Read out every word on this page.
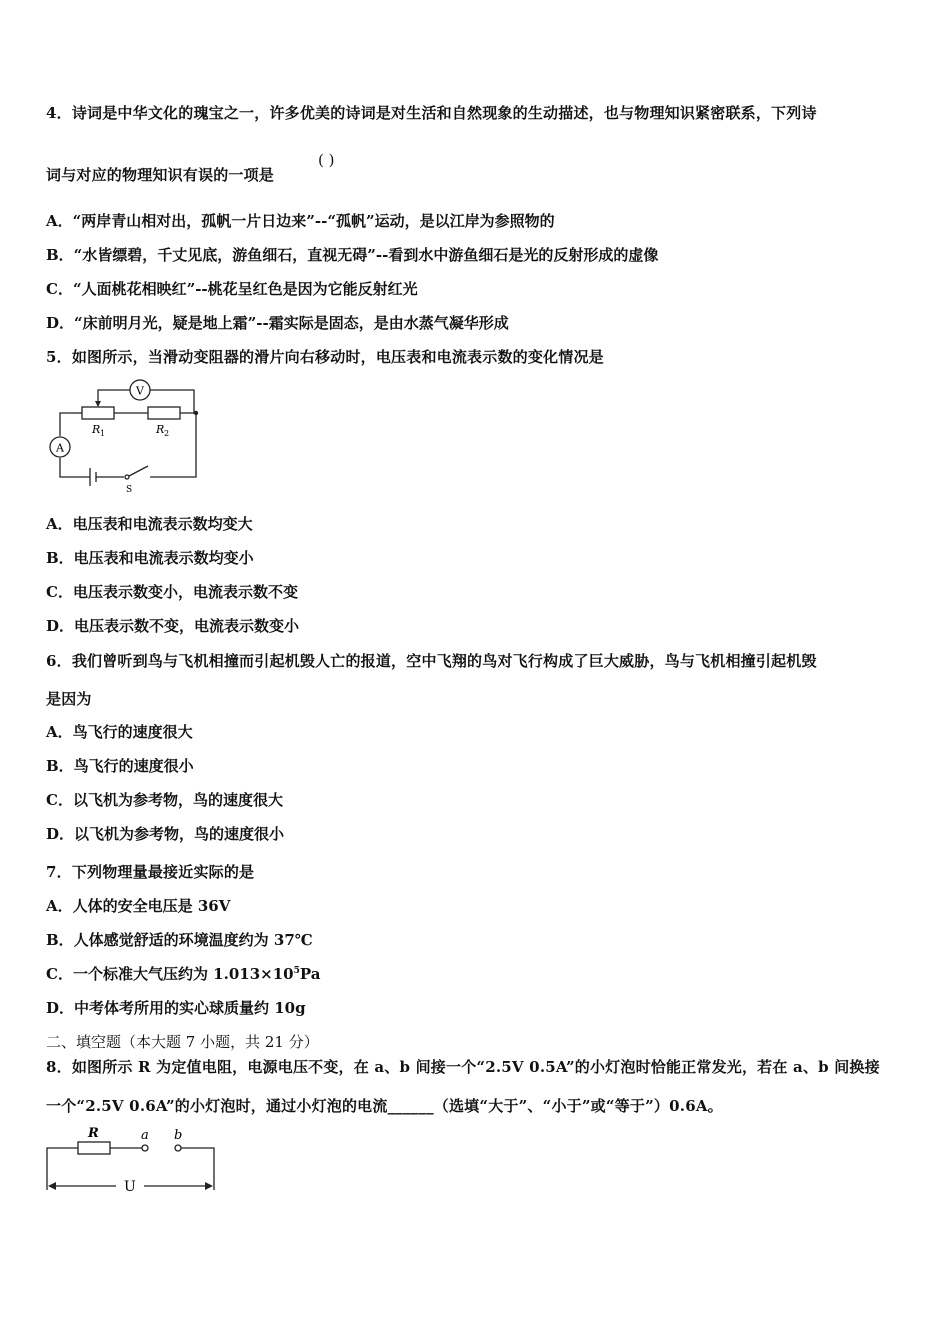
4．诗词是中华文化的瑰宝之一，许多优美的诗词是对生活和自然现象的生动描述，也与物理知识紧密联系，下列诗
词与对应的物理知识有误的一项是
( )
A．“两岸青山相对出，孤帆一片日边来”--“孤帆”运动，是以江岸为参照物的
B．“水皆缥碧，千丈见底，游鱼细石，直视无碍”--看到水中游鱼细石是光的反射形成的虚像
C．“人面桃花相映红”--桃花呈红色是因为它能反射红光
D．“床前明月光，疑是地上霜”--霜实际是固态，是由水蒸气凝华形成
5．如图所示，当滑动变阻器的滑片向右移动时，电压表和电流表示数的变化情况是
V
A
R 1	R 2
S
A．电压表和电流表示数均变大
B．电压表和电流表示数均变小
C．电压表示数变小，电流表示数不变
D．电压表示数不变，电流表示数变小
6．我们曾听到鸟与飞机相撞而引起机毁人亡的报道，空中飞翔的鸟对飞行构成了巨大威胁，鸟与飞机相撞引起机毁
是因为
A．鸟飞行的速度很大
B．鸟飞行的速度很小
C．以飞机为参考物，鸟的速度很大
D．以飞机为参考物，鸟的速度很小
7．下列物理量最接近实际的是
A．人体的安全电压是 36V
B．人体感觉舒适的环境温度约为 37℃
C．一个标准大气压约为 $1.013\times 10^5Pa$
D．中考体考所用的实心球质量约 10g
二、填空题（本大题 7 小题，共 21 分）
8．如图所示 R 为定值电阻，电源电压不变，在 a、b 间接一个“2.5V 0.5A”的小灯泡时恰能正常发光，若在 a、b 间换接
一个“2.5V 0.6A”的小灯泡时，通过小灯泡的电流______（选填“大于”、“小于”或“等于”）0.6A。
R	a b
U
